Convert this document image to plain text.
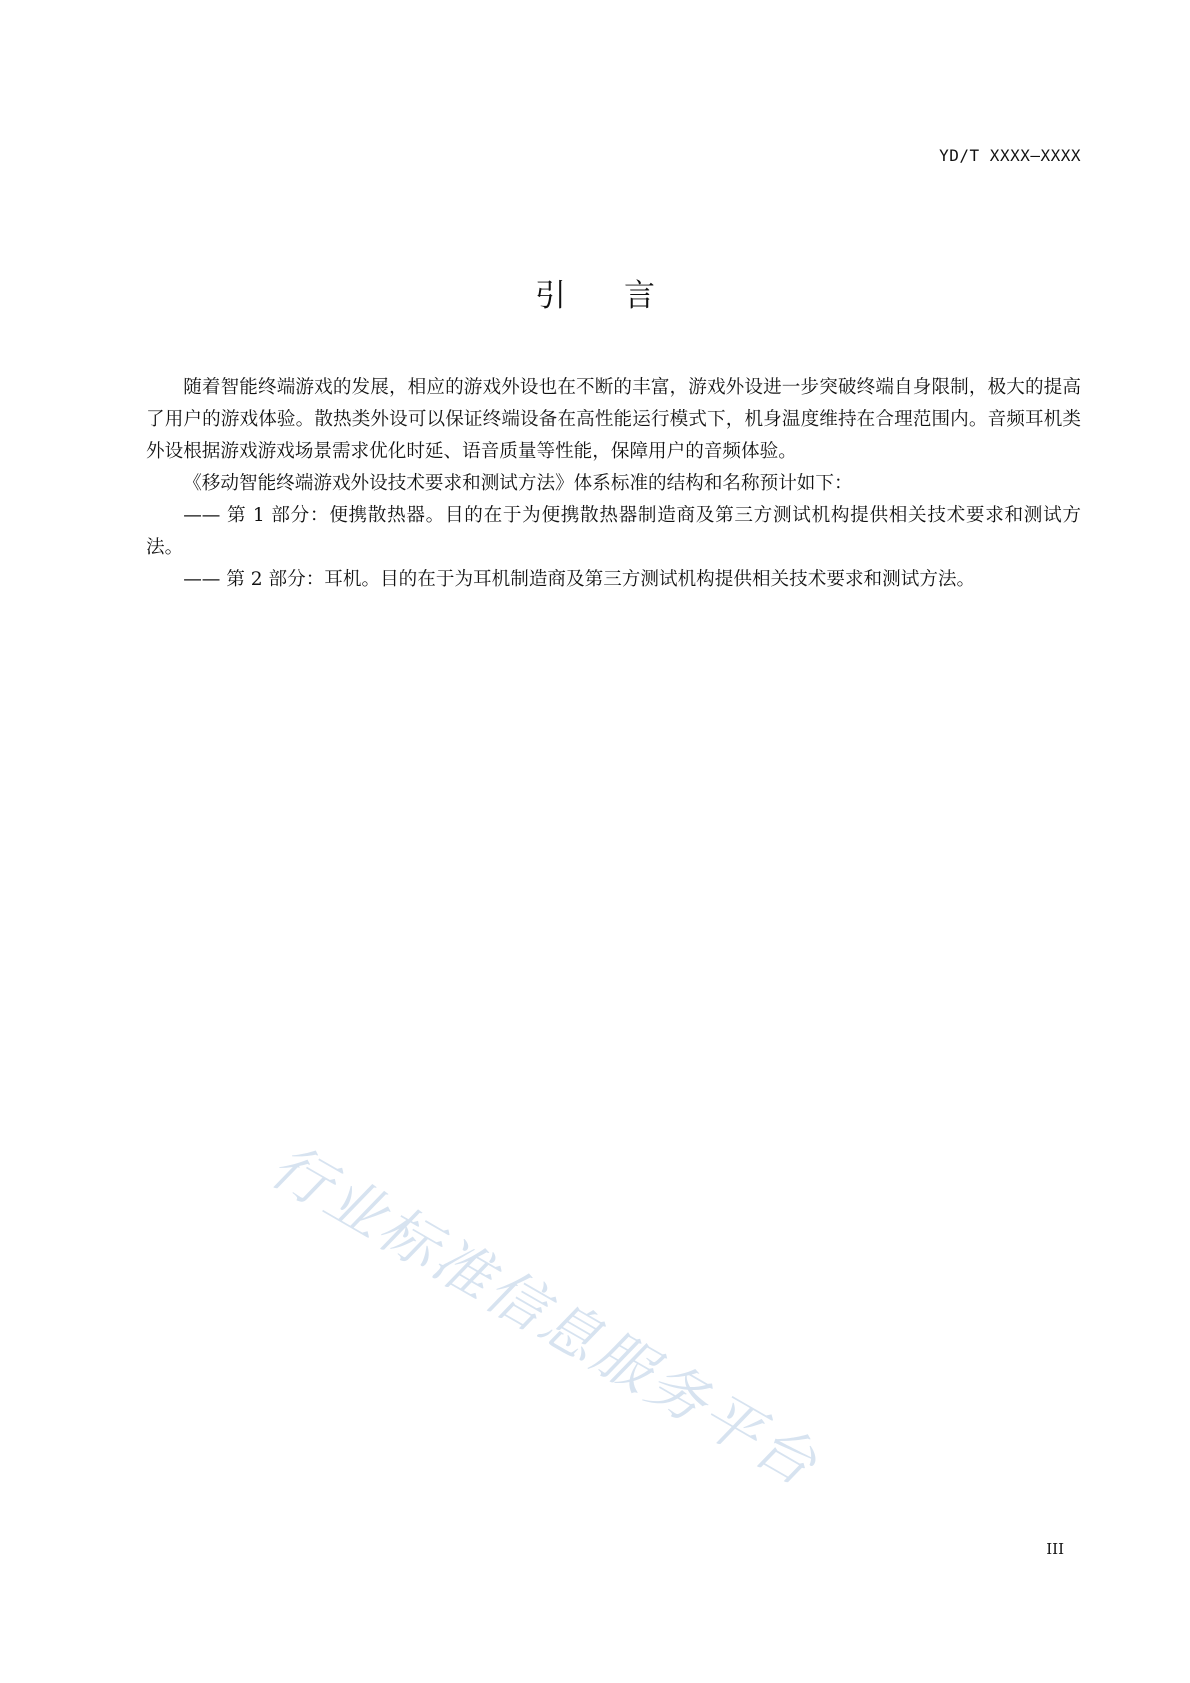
YD/T XXXX—XXXX
引言

随着智能终端游戏的发展，相应的游戏外设也在不断的丰富，游戏外设进一步突破终端自身限制，极大的提高了用户的游戏体验。散热类外设可以保证终端设备在高性能运行模式下，机身温度维持在合理范围内。音频耳机类外设根据游戏游戏场景需求优化时延、语音质量等性能，保障用户的音频体验。

《移动智能终端游戏外设技术要求和测试方法》体系标准的结构和名称预计如下：

—— 第 1 部分：便携散热器。目的在于为便携散热器制造商及第三方测试机构提供相关技术要求和测试方法。

—— 第 2 部分：耳机。目的在于为耳机制造商及第三方测试机构提供相关技术要求和测试方法。

行业标准信息服务平台
III
